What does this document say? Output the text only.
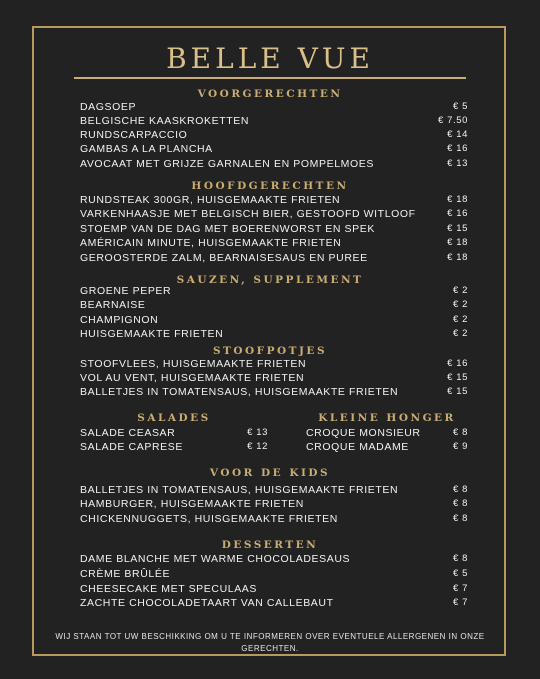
BELLE VUE
VOORGERECHTEN
DAGSOEP	€ 5
BELGISCHE KAASKROKETTEN	€ 7.50
RUNDSCARPACCIO	€ 14
GAMBAS A LA PLANCHA	€ 16
AVOCAAT MET GRIJZE GARNALEN EN POMPELMOES	€ 13
HOOFDGERECHTEN
RUNDSTEAK 300GR, HUISGEMAAKTE FRIETEN	€ 18
VARKENHAASJE MET BELGISCH BIER, GESTOOFD WITLOOF	€ 16
STOEMP VAN DE DAG MET BOERENWORST EN SPEK	€ 15
AMÉRICAIN MINUTE, HUISGEMAAKTE FRIETEN	€ 18
GEROOSTERDE ZALM, BEARNAISESAUS EN PUREE	€ 18
SAUZEN, SUPPLEMENT
GROENE PEPER	€ 2
BEARNAISE	€ 2
CHAMPIGNON	€ 2
HUISGEMAAKTE FRIETEN	€ 2
STOOFPOTJES
STOOFVLEES, HUISGEMAAKTE FRIETEN	€ 16
VOL AU VENT, HUISGEMAAKTE FRIETEN	€ 15
BALLETJES IN TOMATENSAUS, HUISGEMAAKTE FRIETEN	€ 15
SALADES
SALADE CEASAR	€ 13
SALADE CAPRESE	€ 12
KLEINE HONGER
CROQUE MONSIEUR	€ 8
CROQUE MADAME	€ 9
VOOR DE KIDS
BALLETJES IN TOMATENSAUS, HUISGEMAAKTE FRIETEN	€ 8
HAMBURGER, HUISGEMAAKTE FRIETEN	€ 8
CHICKENNUGGETS, HUISGEMAAKTE FRIETEN	€ 8
DESSERTEN
DAME BLANCHE MET WARME CHOCOLADESAUS	€ 8
CRÈME BRÛLÉE	€ 5
CHEESECAKE MET SPECULAAS	€ 7
ZACHTE CHOCOLADETAART VAN CALLEBAUT	€ 7
WIJ STAAN TOT UW BESCHIKKING OM U TE INFORMEREN OVER EVENTUELE ALLERGENEN IN ONZE GERECHTEN.
